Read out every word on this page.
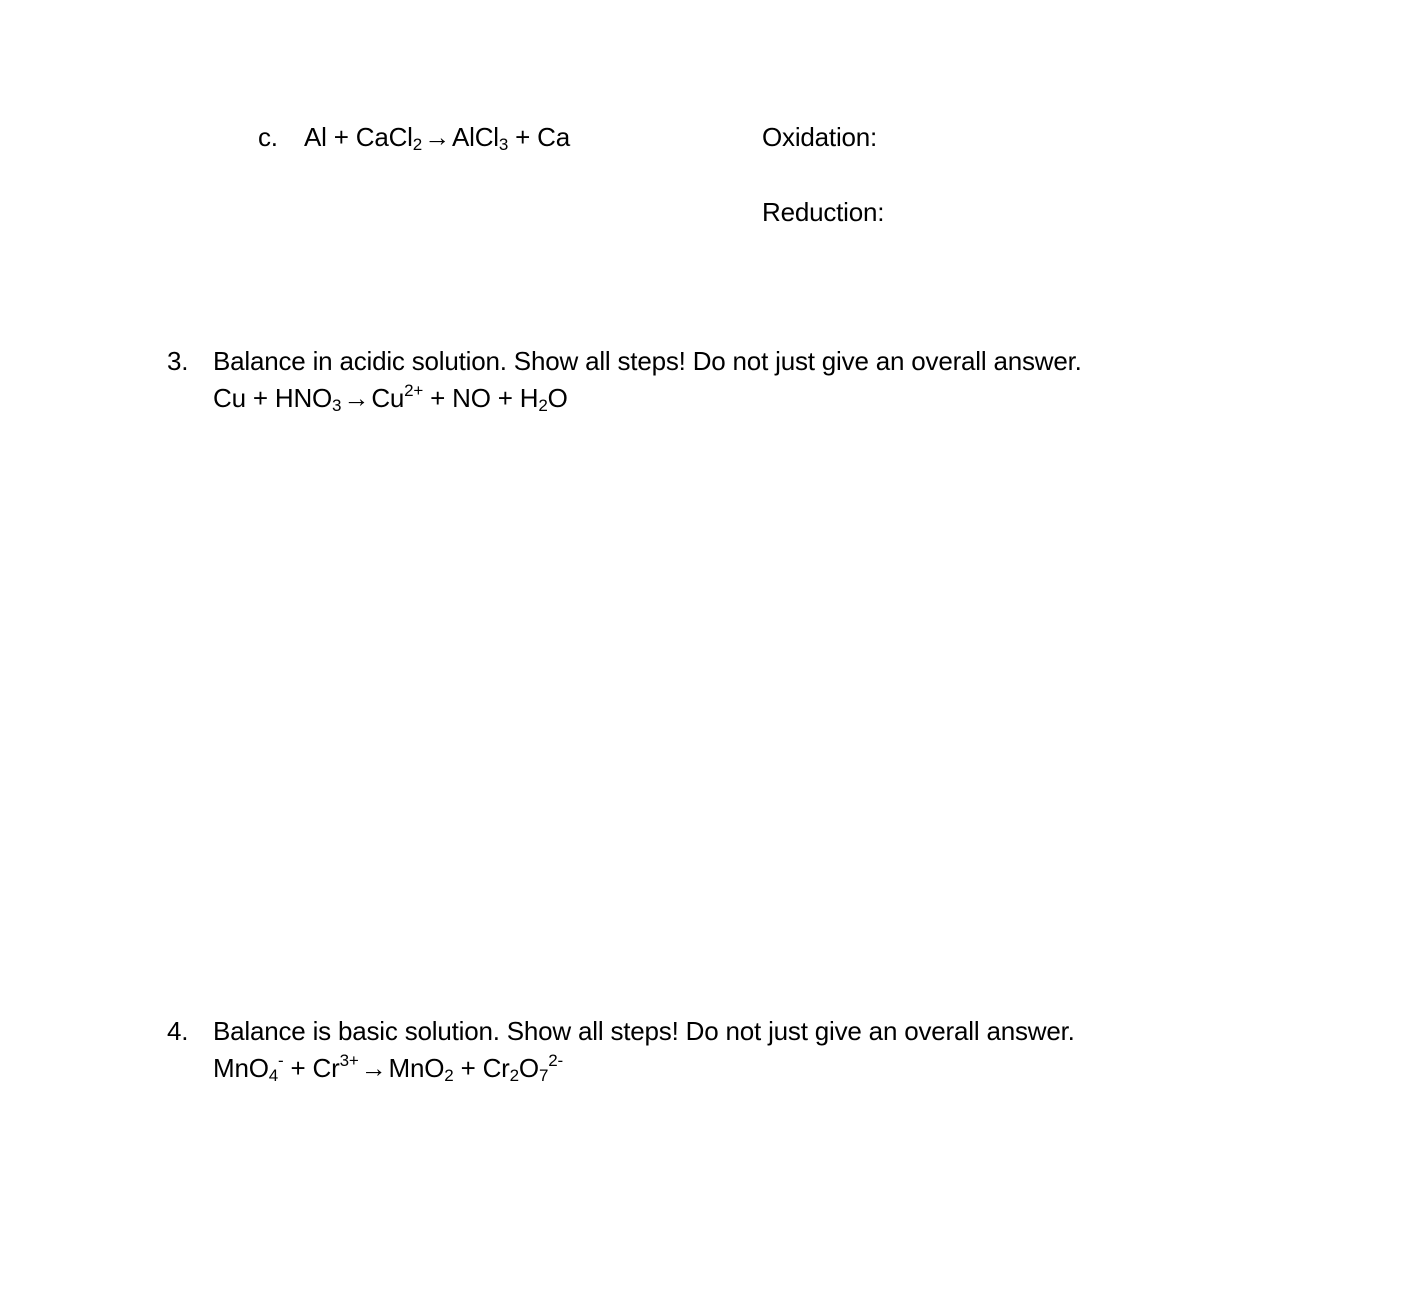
c. Al + CaCl$_2$→AlCl$_3$ + Ca	Oxidation:
Reduction:
3. Balance in acidic solution. Show all steps! Do not just give an overall answer.
$Cu + HNO_3\to Cu^{2+}$ + NO + $H_2O$
4. Balance is basic solution. Show all steps! Do not just give an overall answer.
$MnO_4^- + Cr^{3+}\to MnO_2 + Cr_2O_7^{2-}$
